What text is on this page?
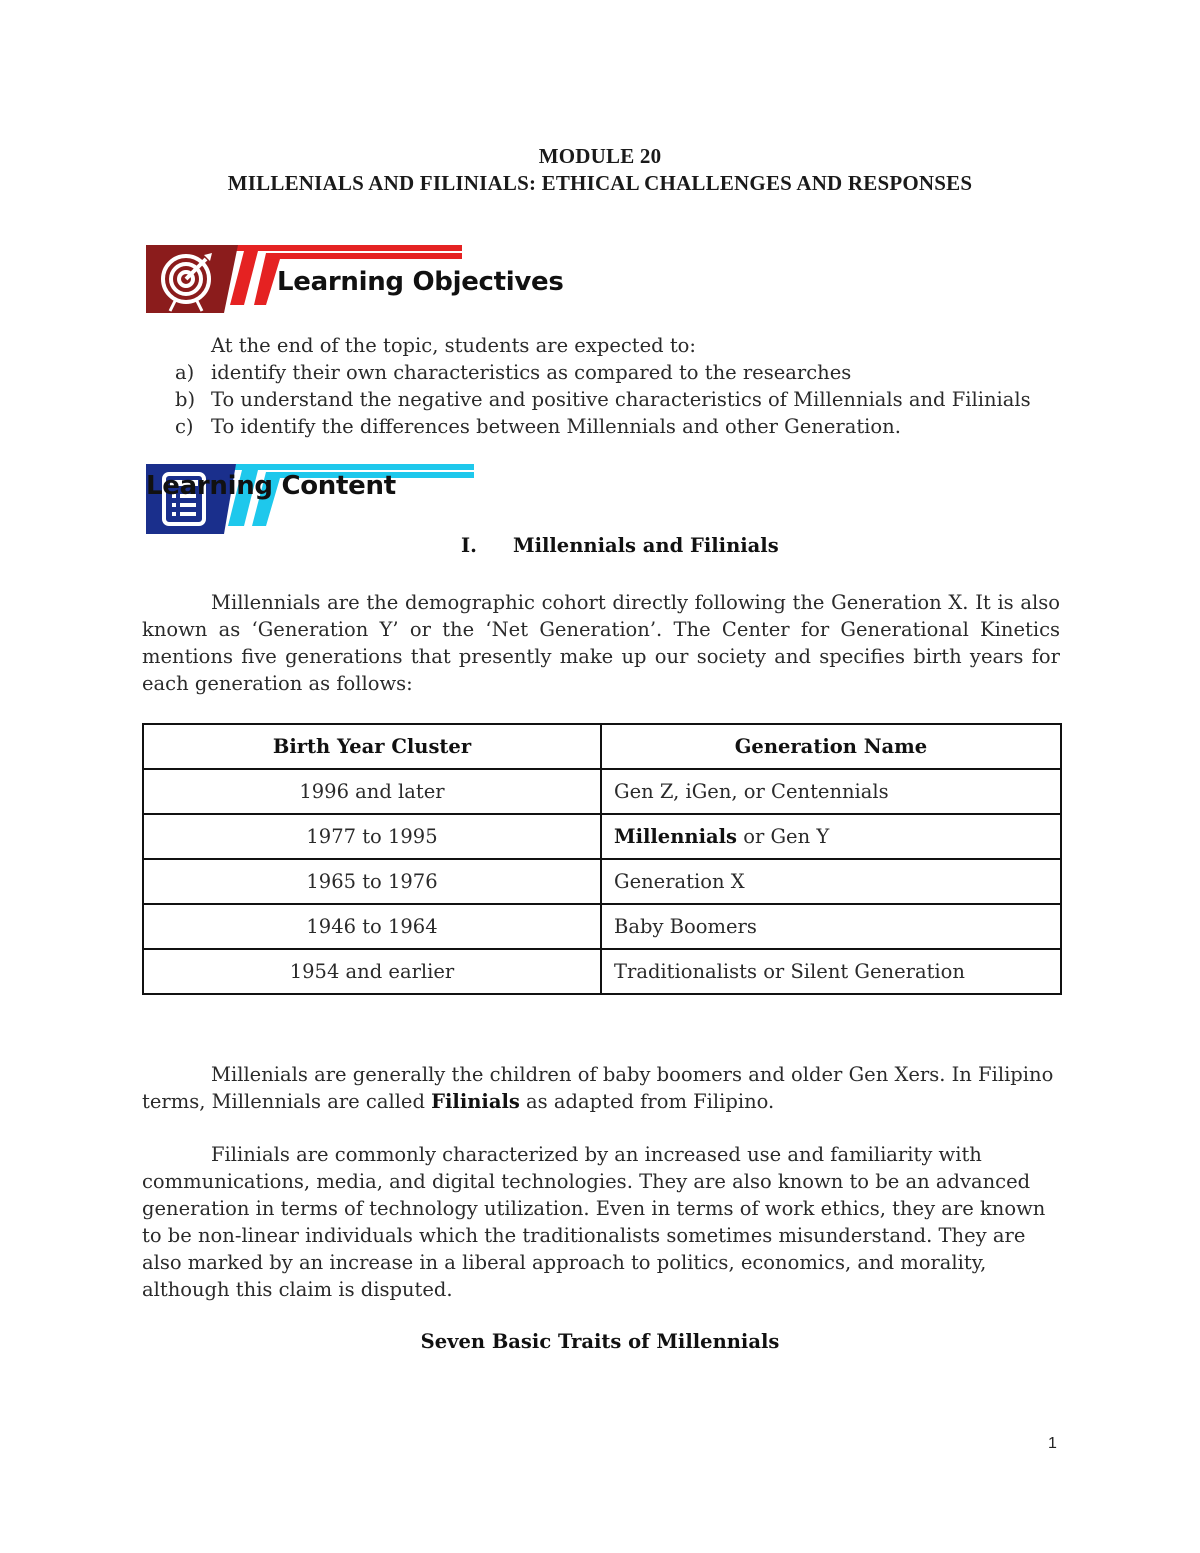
MODULE 20
MILLENIALS AND FILINIALS: ETHICAL CHALLENGES AND RESPONSES
Learning Objectives
At the end of the topic, students are expected to:
a) identify their own characteristics as compared to the researches
b) To understand the negative and positive characteristics of Millennials and Filinials
c) To identify the differences between Millennials and other Generation.
Learning Content
I. Millennials and Filinials
Millennials are the demographic cohort directly following the Generation X. It is also known as ‘Generation Y’ or the ‘Net Generation’. The Center for Generational Kinetics mentions five generations that presently make up our society and specifies birth years for each generation as follows:
Birth Year Cluster	Generation Name
1996 and later	Gen Z, iGen, or Centennials
1977 to 1995	Millennials or Gen Y
1965 to 1976	Generation X
1946 to 1964	Baby Boomers
1954 and earlier	Traditionalists or Silent Generation
Millenials are generally the children of baby boomers and older Gen Xers. In Filipino terms, Millennials are called Filinials as adapted from Filipino.
Filinials are commonly characterized by an increased use and familiarity with communications, media, and digital technologies. They are also known to be an advanced generation in terms of technology utilization. Even in terms of work ethics, they are known to be non-linear individuals which the traditionalists sometimes misunderstand. They are also marked by an increase in a liberal approach to politics, economics, and morality, although this claim is disputed.
Seven Basic Traits of Millennials
1
